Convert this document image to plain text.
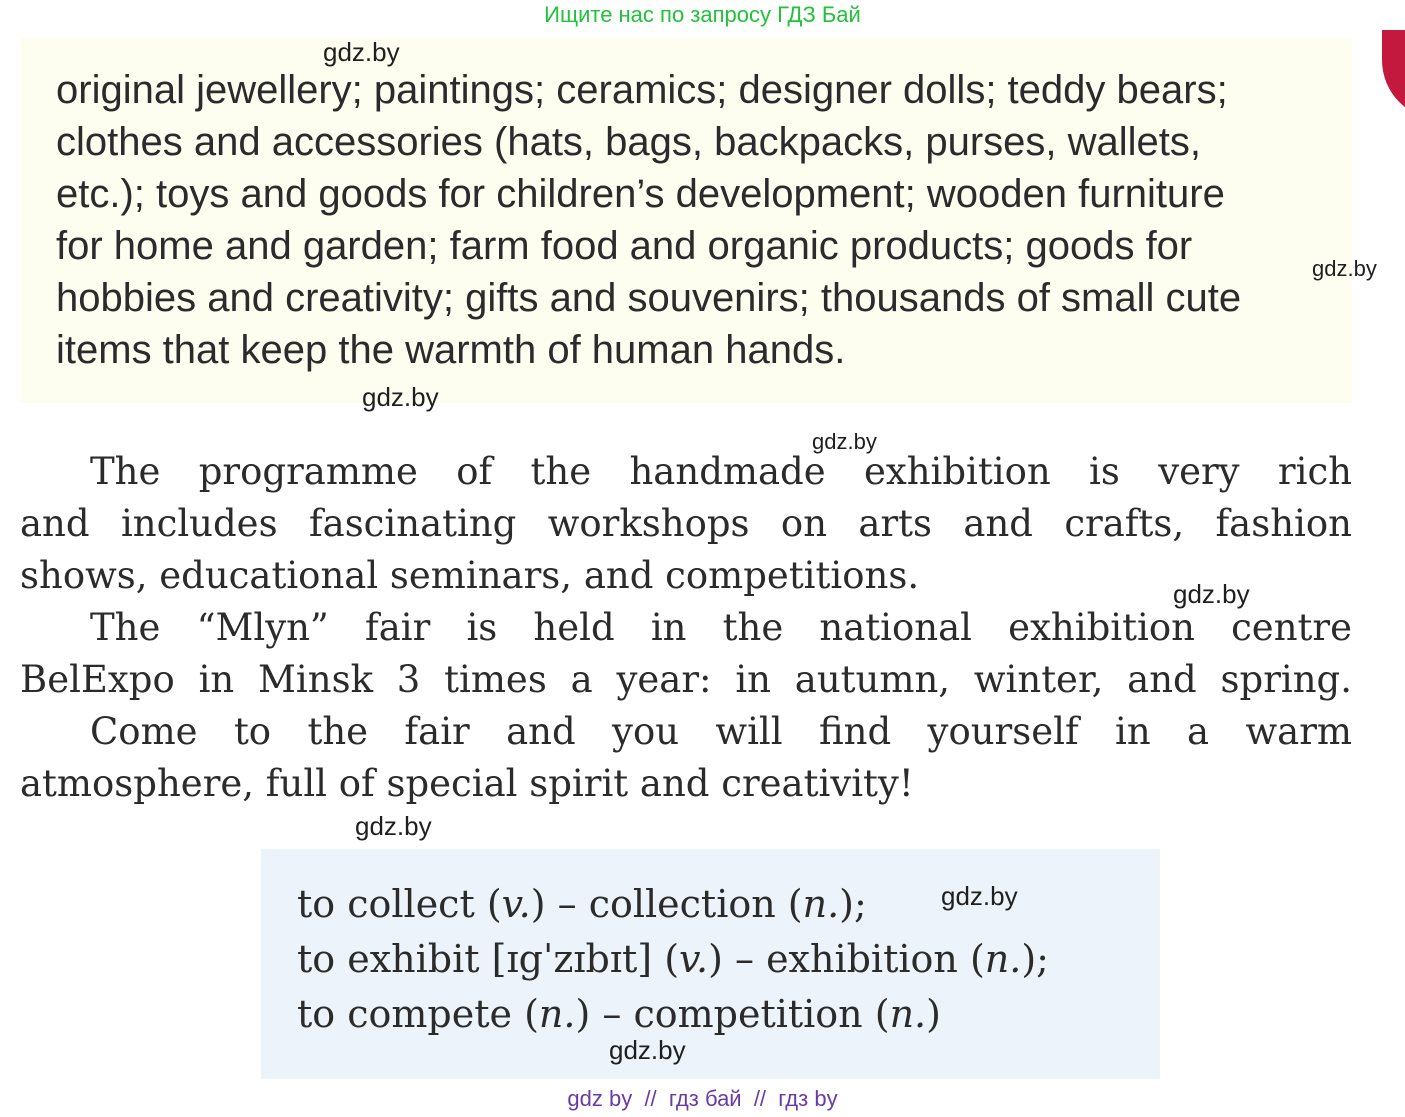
Ищите нас по запросу ГДЗ Бай
original jewellery; paintings; ceramics; designer dolls; teddy bears;
clothes and accessories (hats, bags, backpacks, purses, wallets,
etc.); toys and goods for children’s development; wooden furniture
for home and garden; farm food and organic products; goods for
hobbies and creativity; gifts and souvenirs; thousands of small cute
items that keep the warmth of human hands.
The programme of the handmade exhibition is very rich
and includes fascinating workshops on arts and crafts, fashion
shows, educational seminars, and competitions.
The “Mlyn” fair is held in the national exhibition centre
BelExpo in Minsk 3 times a year: in autumn, winter, and spring.
Come to the fair and you will find yourself in a warm
atmosphere, full of special spirit and creativity!
to collect (v.) – collection (n.);
to exhibit [ɪgˈzɪbɪt] (v.) – exhibition (n.);
to compete (n.) – competition (n.)
gdz.by
gdz.by
gdz.by
gdz.by
gdz.by
gdz.by
gdz.by
gdz.by
gdz by  //  гдз бай  //  гдз by
